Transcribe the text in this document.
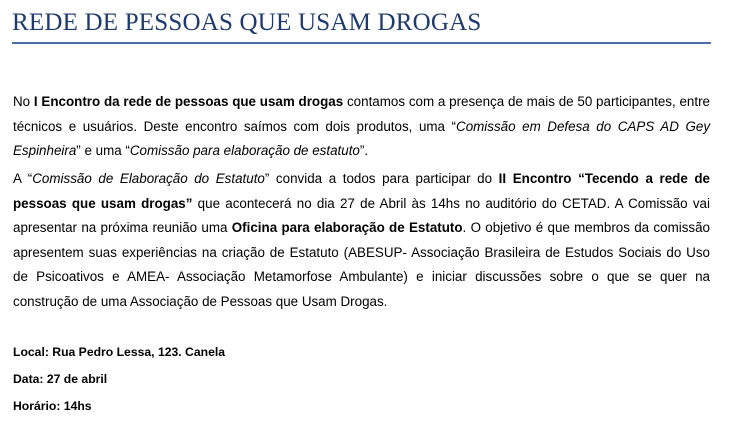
REDE DE PESSOAS QUE USAM DROGAS

No I Encontro da rede de pessoas que usam drogas contamos com a presença de mais de 50 participantes, entre técnicos e usuários. Deste encontro saímos com dois produtos, uma “Comissão em Defesa do CAPS AD Gey Espinheira” e uma “Comissão para elaboração de estatuto”.

A “Comissão de Elaboração do Estatuto” convida a todos para participar do II Encontro “Tecendo a rede de pessoas que usam drogas” que acontecerá no dia 27 de Abril às 14hs no auditório do CETAD. A Comissão vai apresentar na próxima reunião uma Oficina para elaboração de Estatuto. O objetivo é que membros da comissão apresentem suas experiências na criação de Estatuto (ABESUP- Associação Brasileira de Estudos Sociais do Uso de Psicoativos e AMEA- Associação Metamorfose Ambulante) e iniciar discussões sobre o que se quer na construção de uma Associação de Pessoas que Usam Drogas.

Local: Rua Pedro Lessa, 123. Canela

Data: 27 de abril

Horário: 14hs
